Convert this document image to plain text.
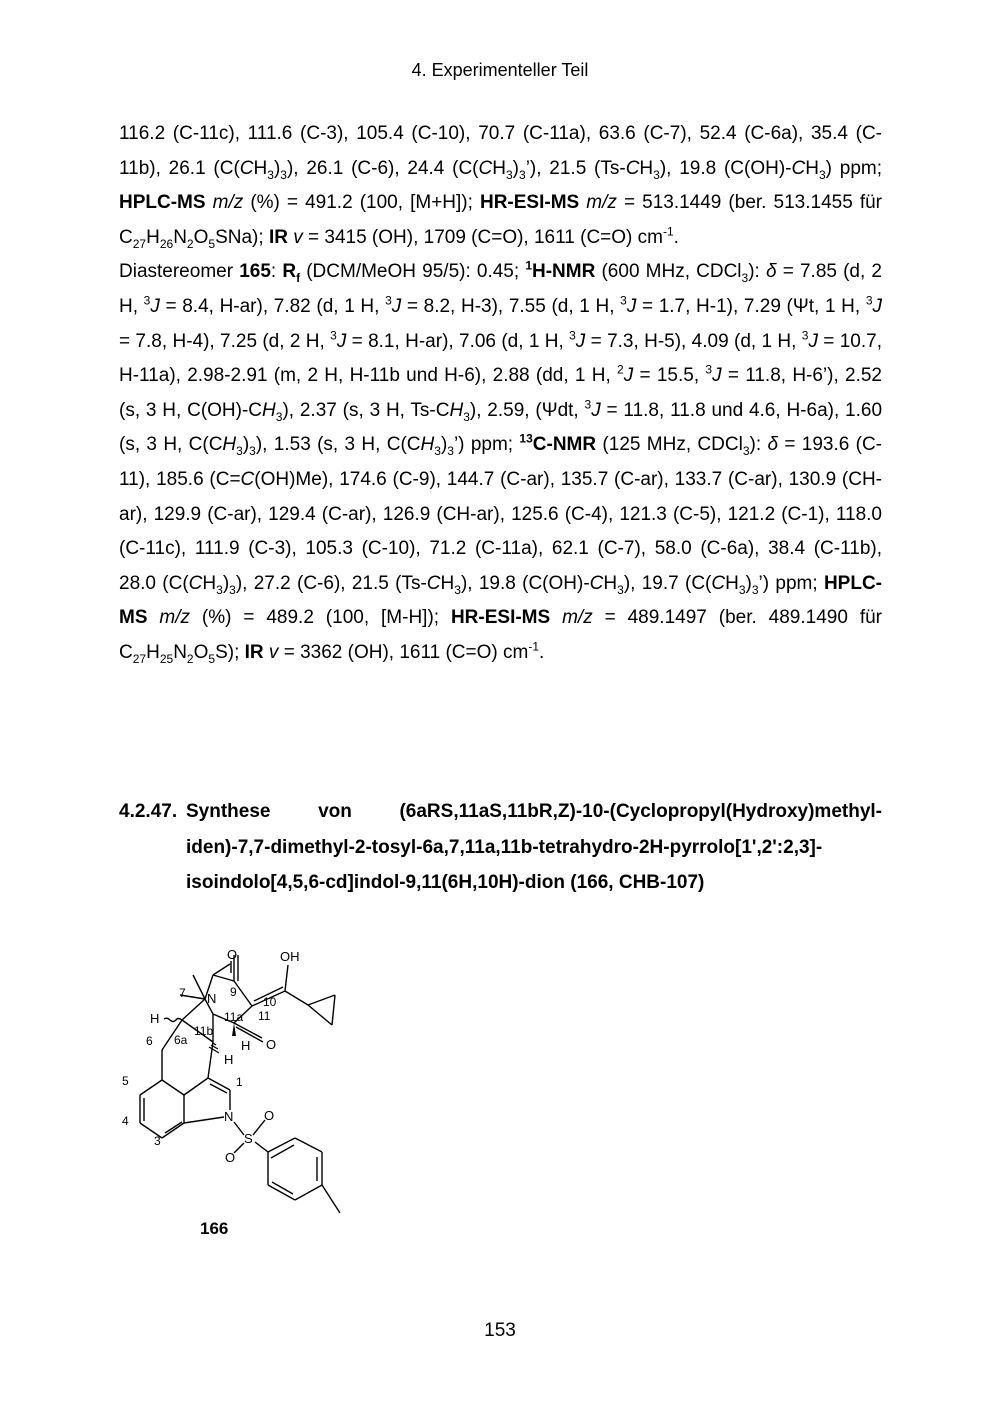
4. Experimenteller Teil

116.2 (C-11c), 111.6 (C-3), 105.4 (C-10), 70.7 (C-11a), 63.6 (C-7), 52.4 (C-6a), 35.4 (C-11b), 26.1 $(C(CH_3)_3)$, 26.1 (C-6), 24.4 $(C(CH_3)_3’)$, 21.5 $(Ts-CH_3)$, 19.8 $(C(OH)-CH_3)$ ppm; HPLC-MS m/z (%) = 491.2 (100, [M+H]); HR-ESI-MS m/z = 513.1449 (ber. 513.1455 für $C_{27}H_{26}N_2O_5SNa$); IR v = 3415 (OH), 1709 (C=O), 1611 (C=O) $cm^{-1}$.

Diastereomer 165: $R_f$ (DCM/MeOH 95/5): 0.45; $^1$H-NMR (600 MHz, CDCl$_3$): δ = 7.85 (d, 2 H, $^3$J = 8.4, H-ar), 7.82 (d, 1 H, $^3$J = 8.2, H-3), 7.55 (d, 1 H, $^3$J = 1.7, H-1), 7.29 (Ψt, 1 H, $^3$J = 7.8, H-4), 7.25 (d, 2 H, $^3$J = 8.1, H-ar), 7.06 (d, 1 H, $^3$J = 7.3, H-5), 4.09 (d, 1 H, $^3$J = 10.7, H-11a), 2.98-2.91 (m, 2 H, H-11b und H-6), 2.88 (dd, 1 H, $^2$J = 15.5, $^3$J = 11.8, H-6’), 2.52 (s, 3 H, $C(OH)-CH_3$), 2.37 (s, 3 H, $Ts-CH_3$), 2.59, (Ψdt, $^3$J = 11.8, 11.8 und 4.6, H-6a), 1.60 (s, 3 H, $C(CH_3)_3$), 1.53 (s, 3 H, $C(CH_3)_3$’) ppm; $^{13}$C-NMR (125 MHz, CDCl$_3$): δ = 193.6 (C-11), 185.6 (C=C(OH)Me), 174.6 (C-9), 144.7 (C-ar), 135.7 (C-ar), 133.7 (C-ar), 130.9 (CH-ar), 129.9 (C-ar), 129.4 (C-ar), 126.9 (CH-ar), 125.6 (C-4), 121.3 (C-5), 121.2 (C-1), 118.0 (C-11c), 111.9 (C-3), 105.3 (C-10), 71.2 (C-11a), 62.1 (C-7), 58.0 (C-6a), 38.4 (C-11b), 28.0 $(C(CH_3)_3)$, 27.2 (C-6), 21.5 $(Ts-CH_3)$, 19.8 $(C(OH)-CH_3)$, 19.7 $(C(CH_3)_3’)$ ppm; HPLC-MS m/z (%) = 489.2 (100, [M-H]); HR-ESI-MS m/z = 489.1497 (ber. 489.1490 für $C_{27}H_{25}N_2O_5S$); IR v = 3362 (OH), 1611 (C=O) $cm^{-1}$.

4.2.47. Synthese von (6aRS,11aS,11bR,Z)-10-(Cyclopropyl(Hydroxy)methyl-
iden)-7,7-dimethyl-2-tosyl-6a,7,11a,11b-tetrahydro-2H-pyrrolo[1',2':2,3]-
isoindolo[4,5,6-cd]indol-9,11(6H,10H)-dion (166, CHB-107)
O	OH
7	9
10
11
N
H	11a
11b
6 6a	H O
H
5	1
N
S
O
O
4
3
166
153
